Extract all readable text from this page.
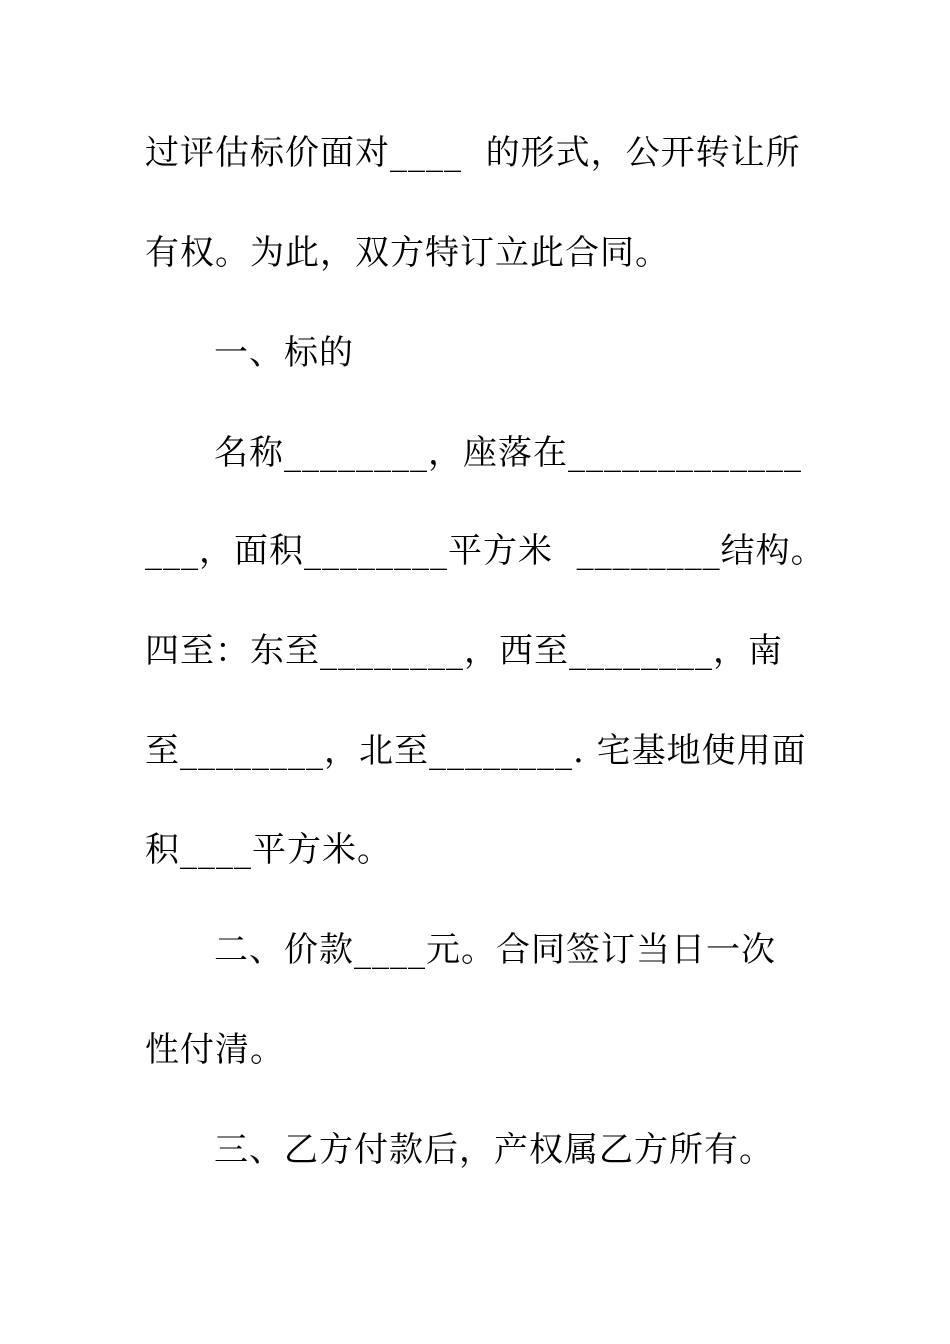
过评估标价面对____  的形式，公开转让所
有权。为此，双方特订立此合同。
一、标的
名称________，座落在_____________
___，面积________平方米  ________结构。
四至：东至________，西至________，南
至________，北至________. 宅基地使用面
积____平方米。
二、价款____元。合同签订当日一次
性付清。
三、乙方付款后，产权属乙方所有。
